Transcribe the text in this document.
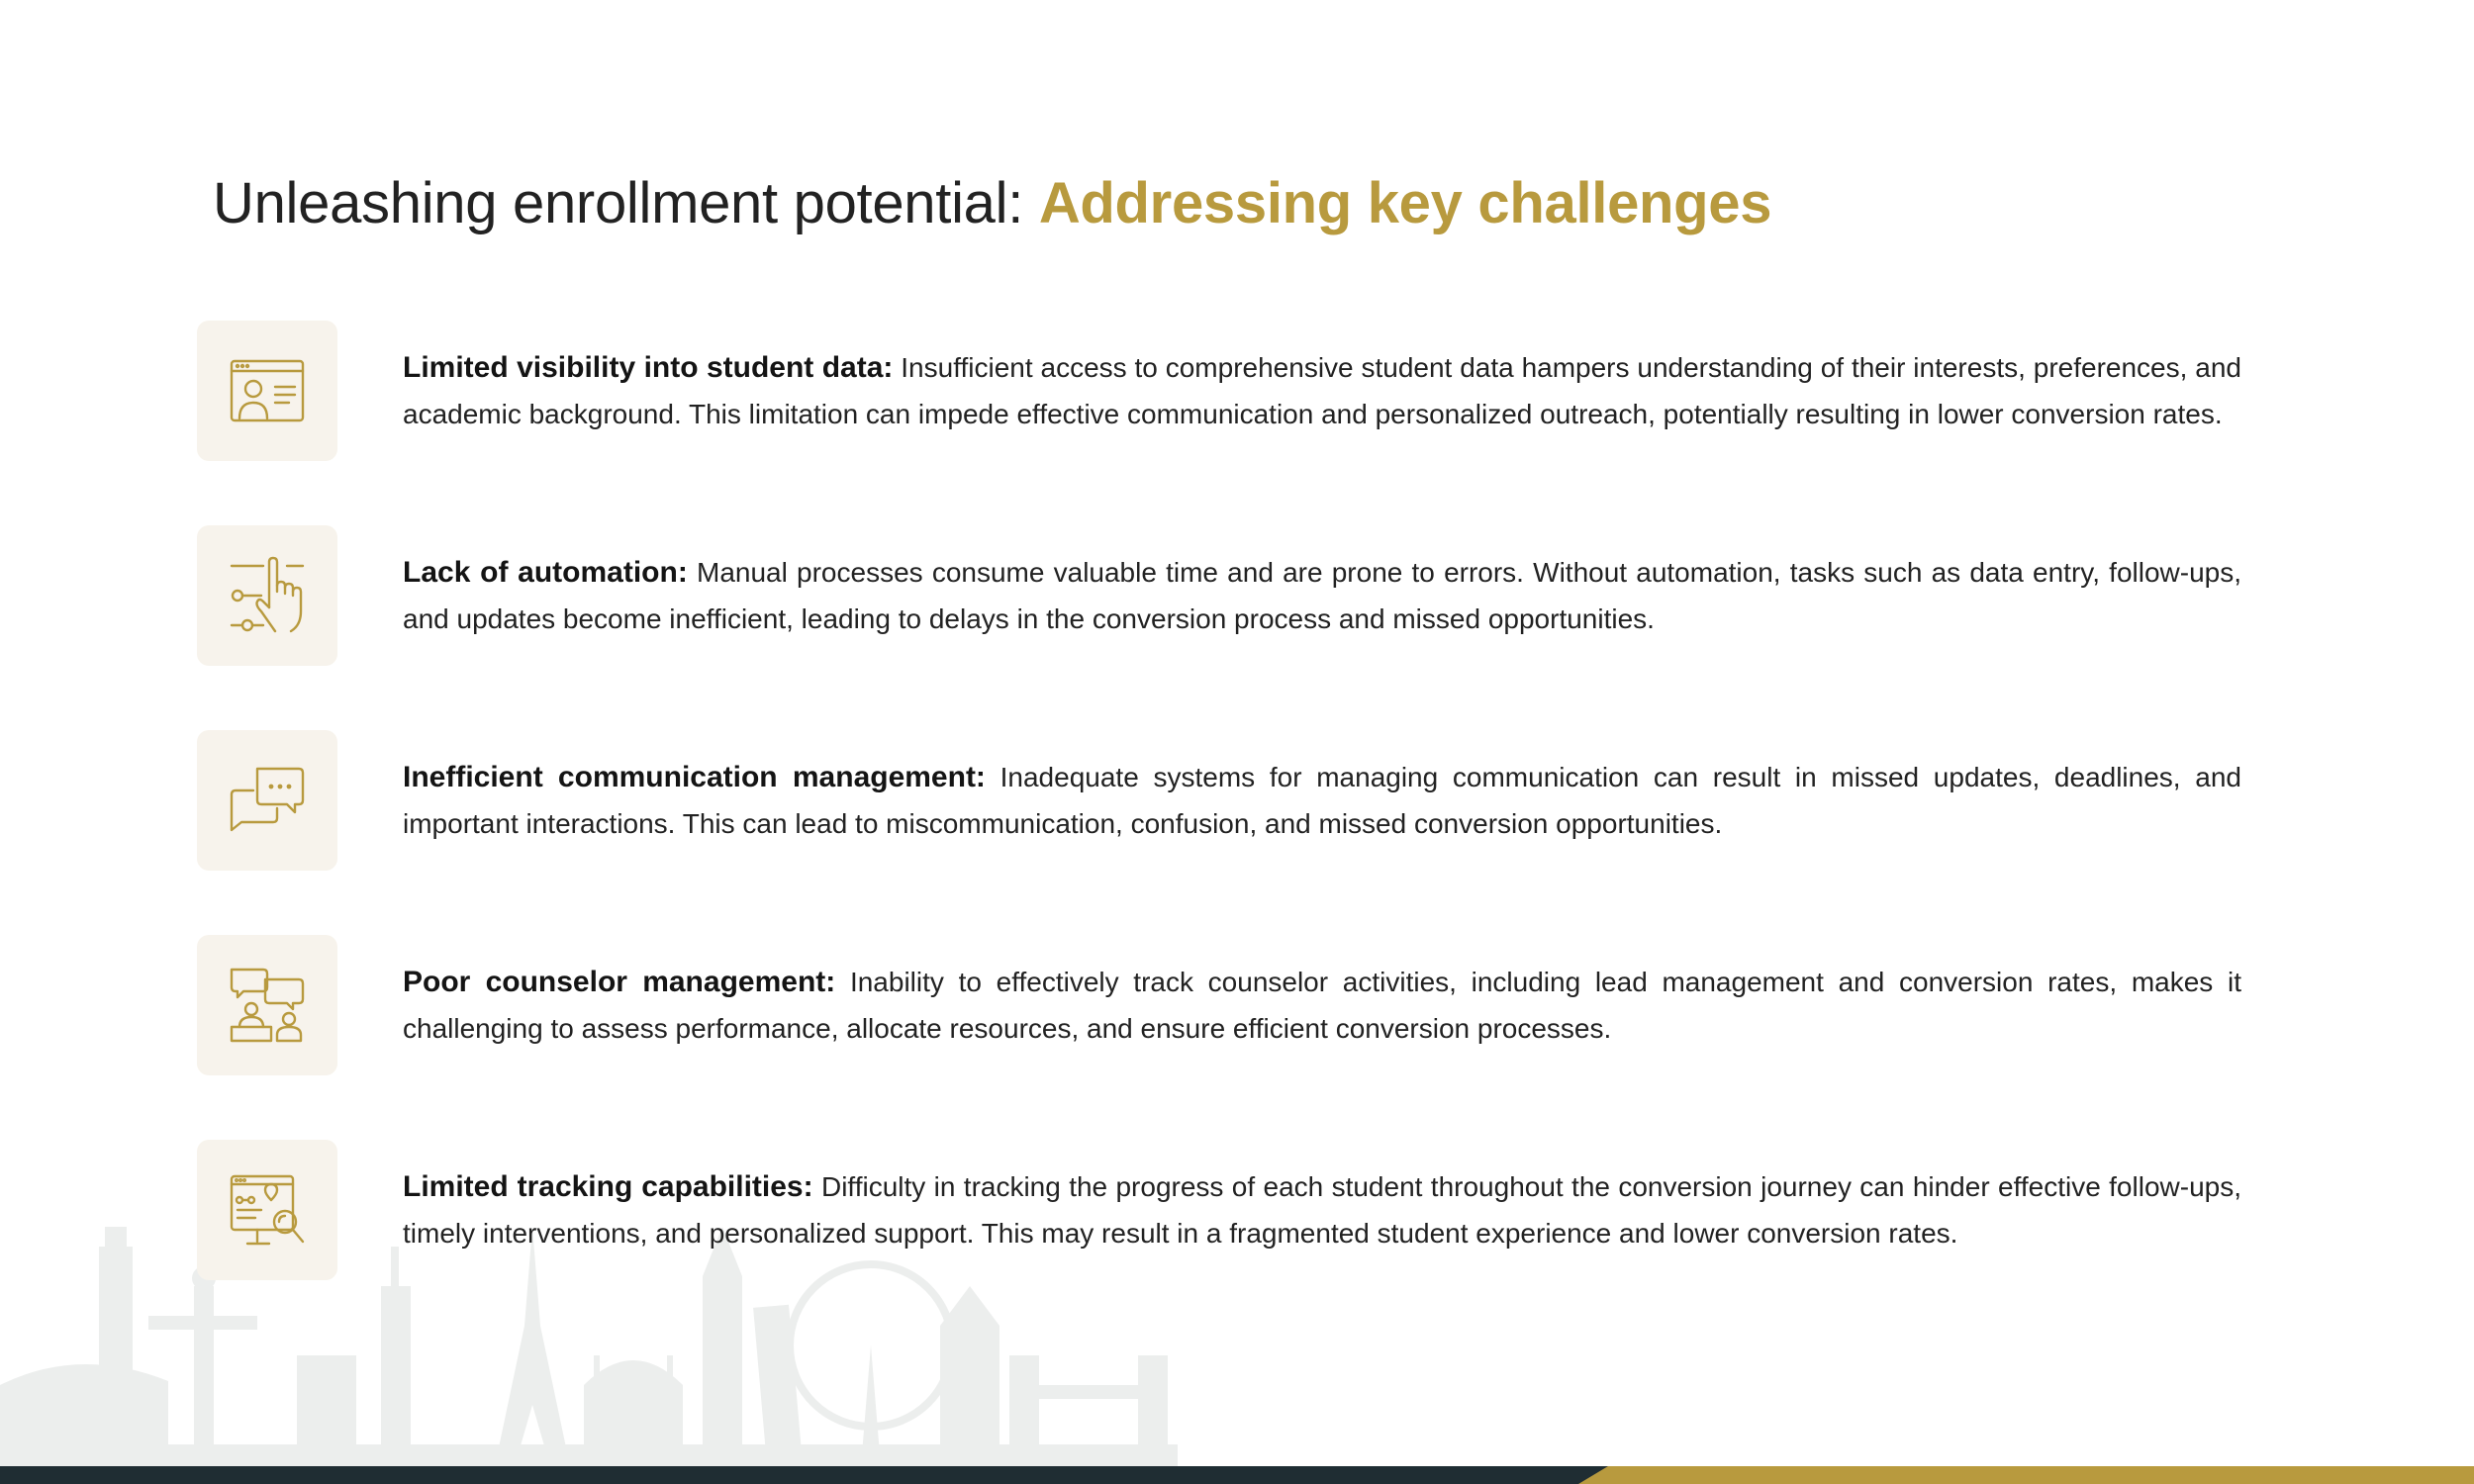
Unleashing enrollment potential: Addressing key challenges

Limited visibility into student data: Insufficient access to comprehensive student data hampers understanding of their interests, preferences, and academic background. This limitation can impede effective communication and personalized outreach, potentially resulting in lower conversion rates.

Lack of automation: Manual processes consume valuable time and are prone to errors. Without automation, tasks such as data entry, follow-ups, and updates become inefficient, leading to delays in the conversion process and missed opportunities.

Inefficient communication management: Inadequate systems for managing communication can result in missed updates, deadlines, and important interactions. This can lead to miscommunication, confusion, and missed conversion opportunities.

Poor counselor management: Inability to effectively track counselor activities, including lead management and conversion rates, makes it challenging to assess performance, allocate resources, and ensure efficient conversion processes.

Limited tracking capabilities: Difficulty in tracking the progress of each student throughout the conversion journey can hinder effective follow-ups, timely interventions, and personalized support. This may result in a fragmented student experience and lower conversion rates.
